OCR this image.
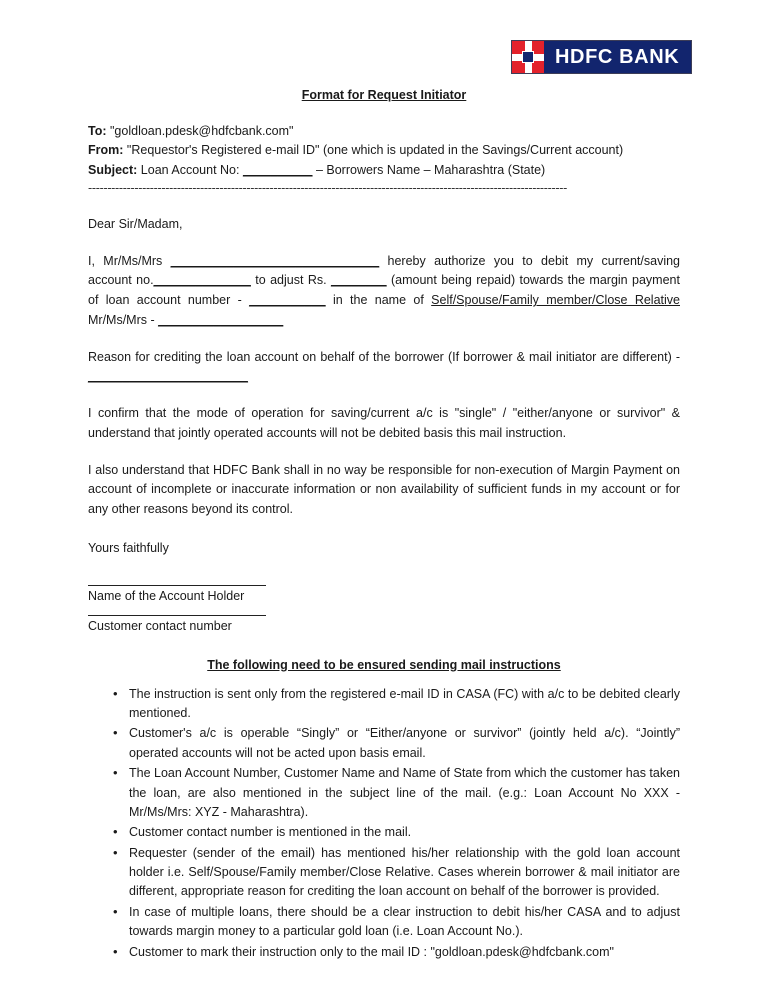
HDFC BANK
Format for Request Initiator

To: "goldloan.pdesk@hdfcbank.com"

From: "Requestor's Registered e-mail ID" (one which is updated in the Savings/Current account)

Subject: Loan Account No: __________ – Borrowers Name – Maharashtra (State)

----------------------------------------------------------------------------------------------------------------------------

Dear Sir/Madam,

I, Mr/Ms/Mrs ______________________________ hereby authorize you to debit my current/saving account no.______________ to adjust Rs. ________ (amount being repaid) towards the margin payment of loan account number - ___________ in the name of Self/Spouse/Family member/Close Relative Mr/Ms/Mrs - __________________

Reason for crediting the loan account on behalf of the borrower (If borrower & mail initiator are different) - _______________________

I confirm that the mode of operation for saving/current a/c is "single" / "either/anyone or survivor" & understand that jointly operated accounts will not be debited basis this mail instruction.

I also understand that HDFC Bank shall in no way be responsible for non-execution of Margin Payment on account of incomplete or inaccurate information or non availability of sufficient funds in my account or for any other reasons beyond its control.

Yours faithfully

Name of the Account Holder
Customer contact number
The following need to be ensured sending mail instructions
• The instruction is sent only from the registered e-mail ID in CASA (FC) with a/c to be debited clearly mentioned.
• Customer's a/c is operable “Singly” or “Either/anyone or survivor” (jointly held a/c). “Jointly” operated accounts will not be acted upon basis email.
• The Loan Account Number, Customer Name and Name of State from which the customer has taken the loan, are also mentioned in the subject line of the mail. (e.g.: Loan Account No XXX - Mr/Ms/Mrs: XYZ - Maharashtra).
• Customer contact number is mentioned in the mail.
• Requester (sender of the email) has mentioned his/her relationship with the gold loan account holder i.e. Self/Spouse/Family member/Close Relative. Cases wherein borrower & mail initiator are different, appropriate reason for crediting the loan account on behalf of the borrower is provided.
• In case of multiple loans, there should be a clear instruction to debit his/her CASA and to adjust towards margin money to a particular gold loan (i.e. Loan Account No.).
• Customer to mark their instruction only to the mail ID : "goldloan.pdesk@hdfcbank.com"
